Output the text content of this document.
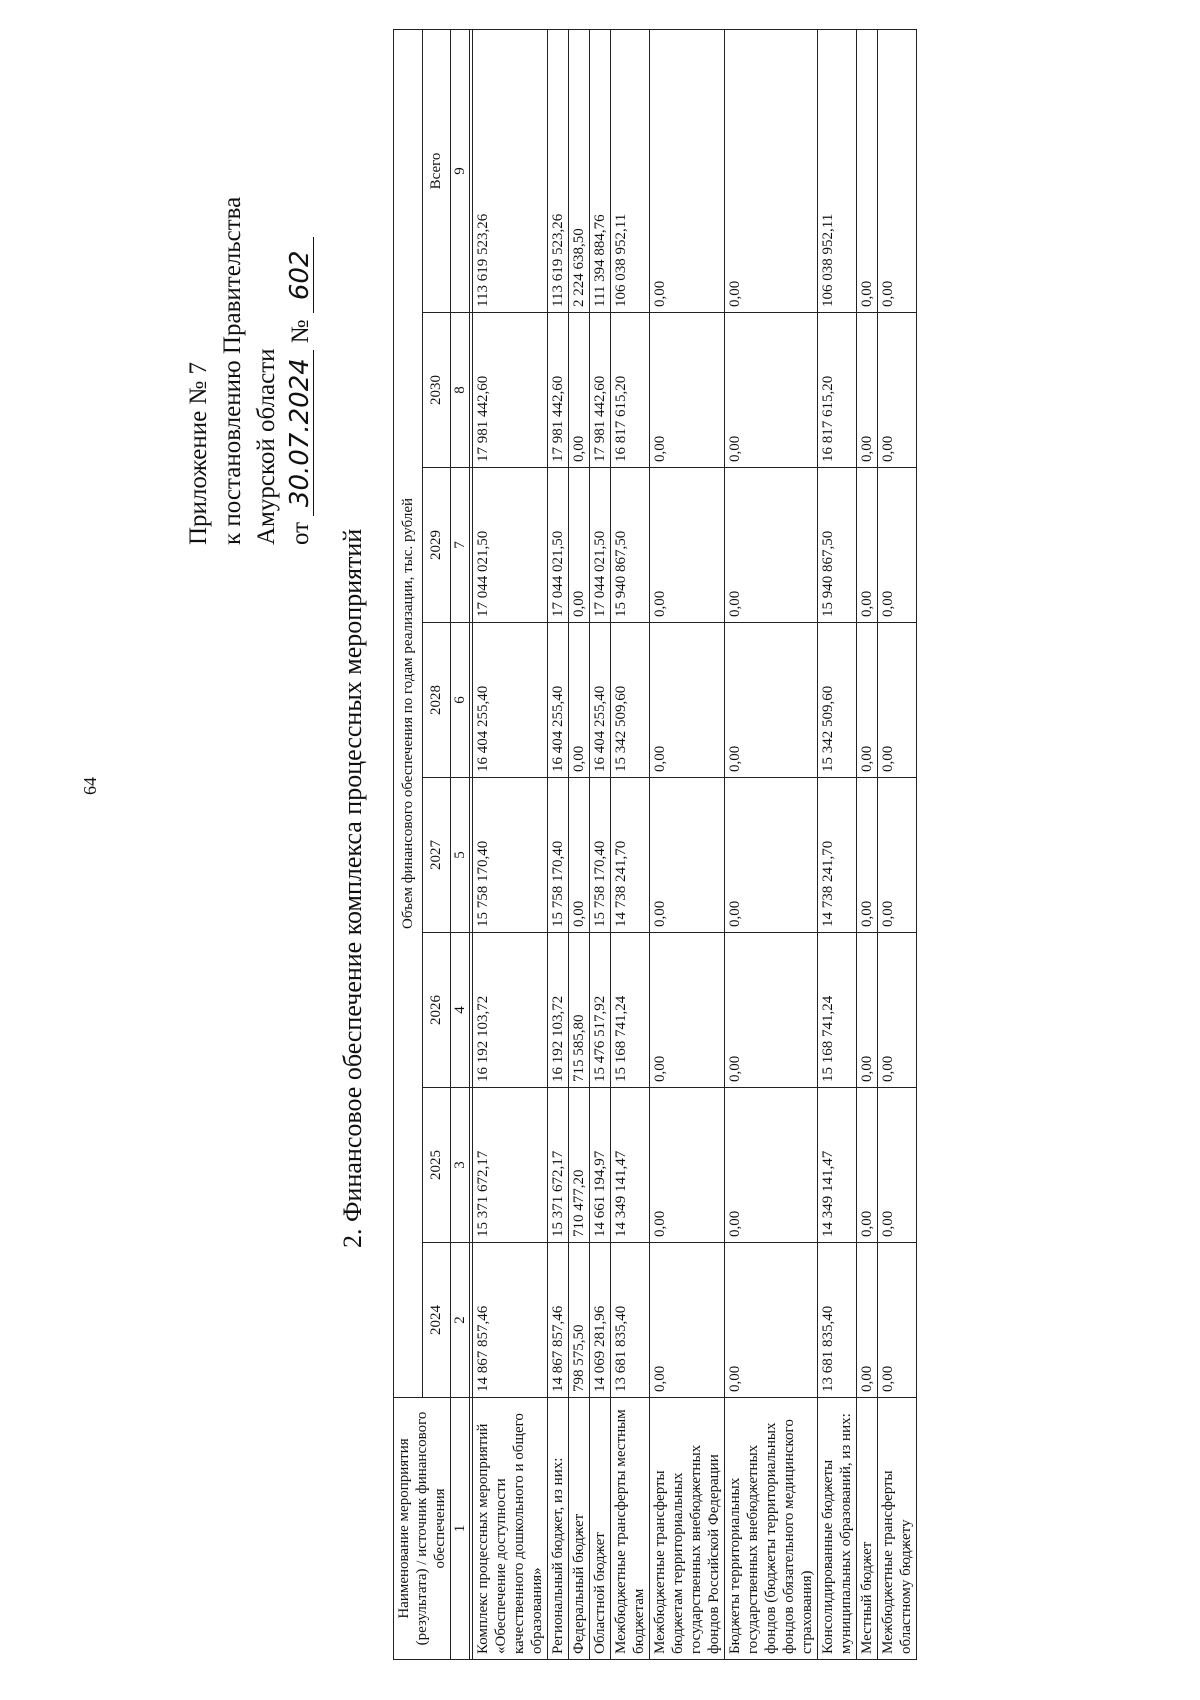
64
Приложение № 7 к постановлению Правительства Амурской области от 30.07.2024 № 602
2. Финансовое обеспечение комплекса процессных мероприятий
Наименование мероприятия (результата) / источник финансового обеспечения	Объем финансового обеспечения по годам реализации, тыс. рублей							
	2024	2025	2026	2027	2028	2029	2030	Всего
1	2	3	4	5	6	7	8	9

Комплекс процессных мероприятий «Обеспечение доступности качественного дошкольного и общего образования»	14 867 857,46	15 371 672,17	16 192 103,72	15 758 170,40	16 404 255,40	17 044 021,50	17 981 442,60	113 619 523,26
Региональный бюджет, из них:	14 867 857,46	15 371 672,17	16 192 103,72	15 758 170,40	16 404 255,40	17 044 021,50	17 981 442,60	113 619 523,26
Федеральный бюджет	798 575,50	710 477,20	715 585,80	0,00	0,00	0,00	0,00	2 224 638,50
Областной бюджет	14 069 281,96	14 661 194,97	15 476 517,92	15 758 170,40	16 404 255,40	17 044 021,50	17 981 442,60	111 394 884,76
Межбюджетные трансферты местным бюджетам	13 681 835,40	14 349 141,47	15 168 741,24	14 738 241,70	15 342 509,60	15 940 867,50	16 817 615,20	106 038 952,11
Межбюджетные трансферты бюджетам территориальных государственных внебюджетных фондов Российской Федерации	0,00	0,00	0,00	0,00	0,00	0,00	0,00	0,00
Бюджеты территориальных государственных внебюджетных фондов (бюджеты территориальных фондов обязательного медицинского страхования)	0,00	0,00	0,00	0,00	0,00	0,00	0,00	0,00
Консолидированные бюджеты муниципальных образований, из них:	13 681 835,40	14 349 141,47	15 168 741,24	14 738 241,70	15 342 509,60	15 940 867,50	16 817 615,20	106 038 952,11
Местный бюджет	0,00	0,00	0,00	0,00	0,00	0,00	0,00	0,00
Межбюджетные трансферты областному бюджету	0,00	0,00	0,00	0,00	0,00	0,00	0,00	0,00
